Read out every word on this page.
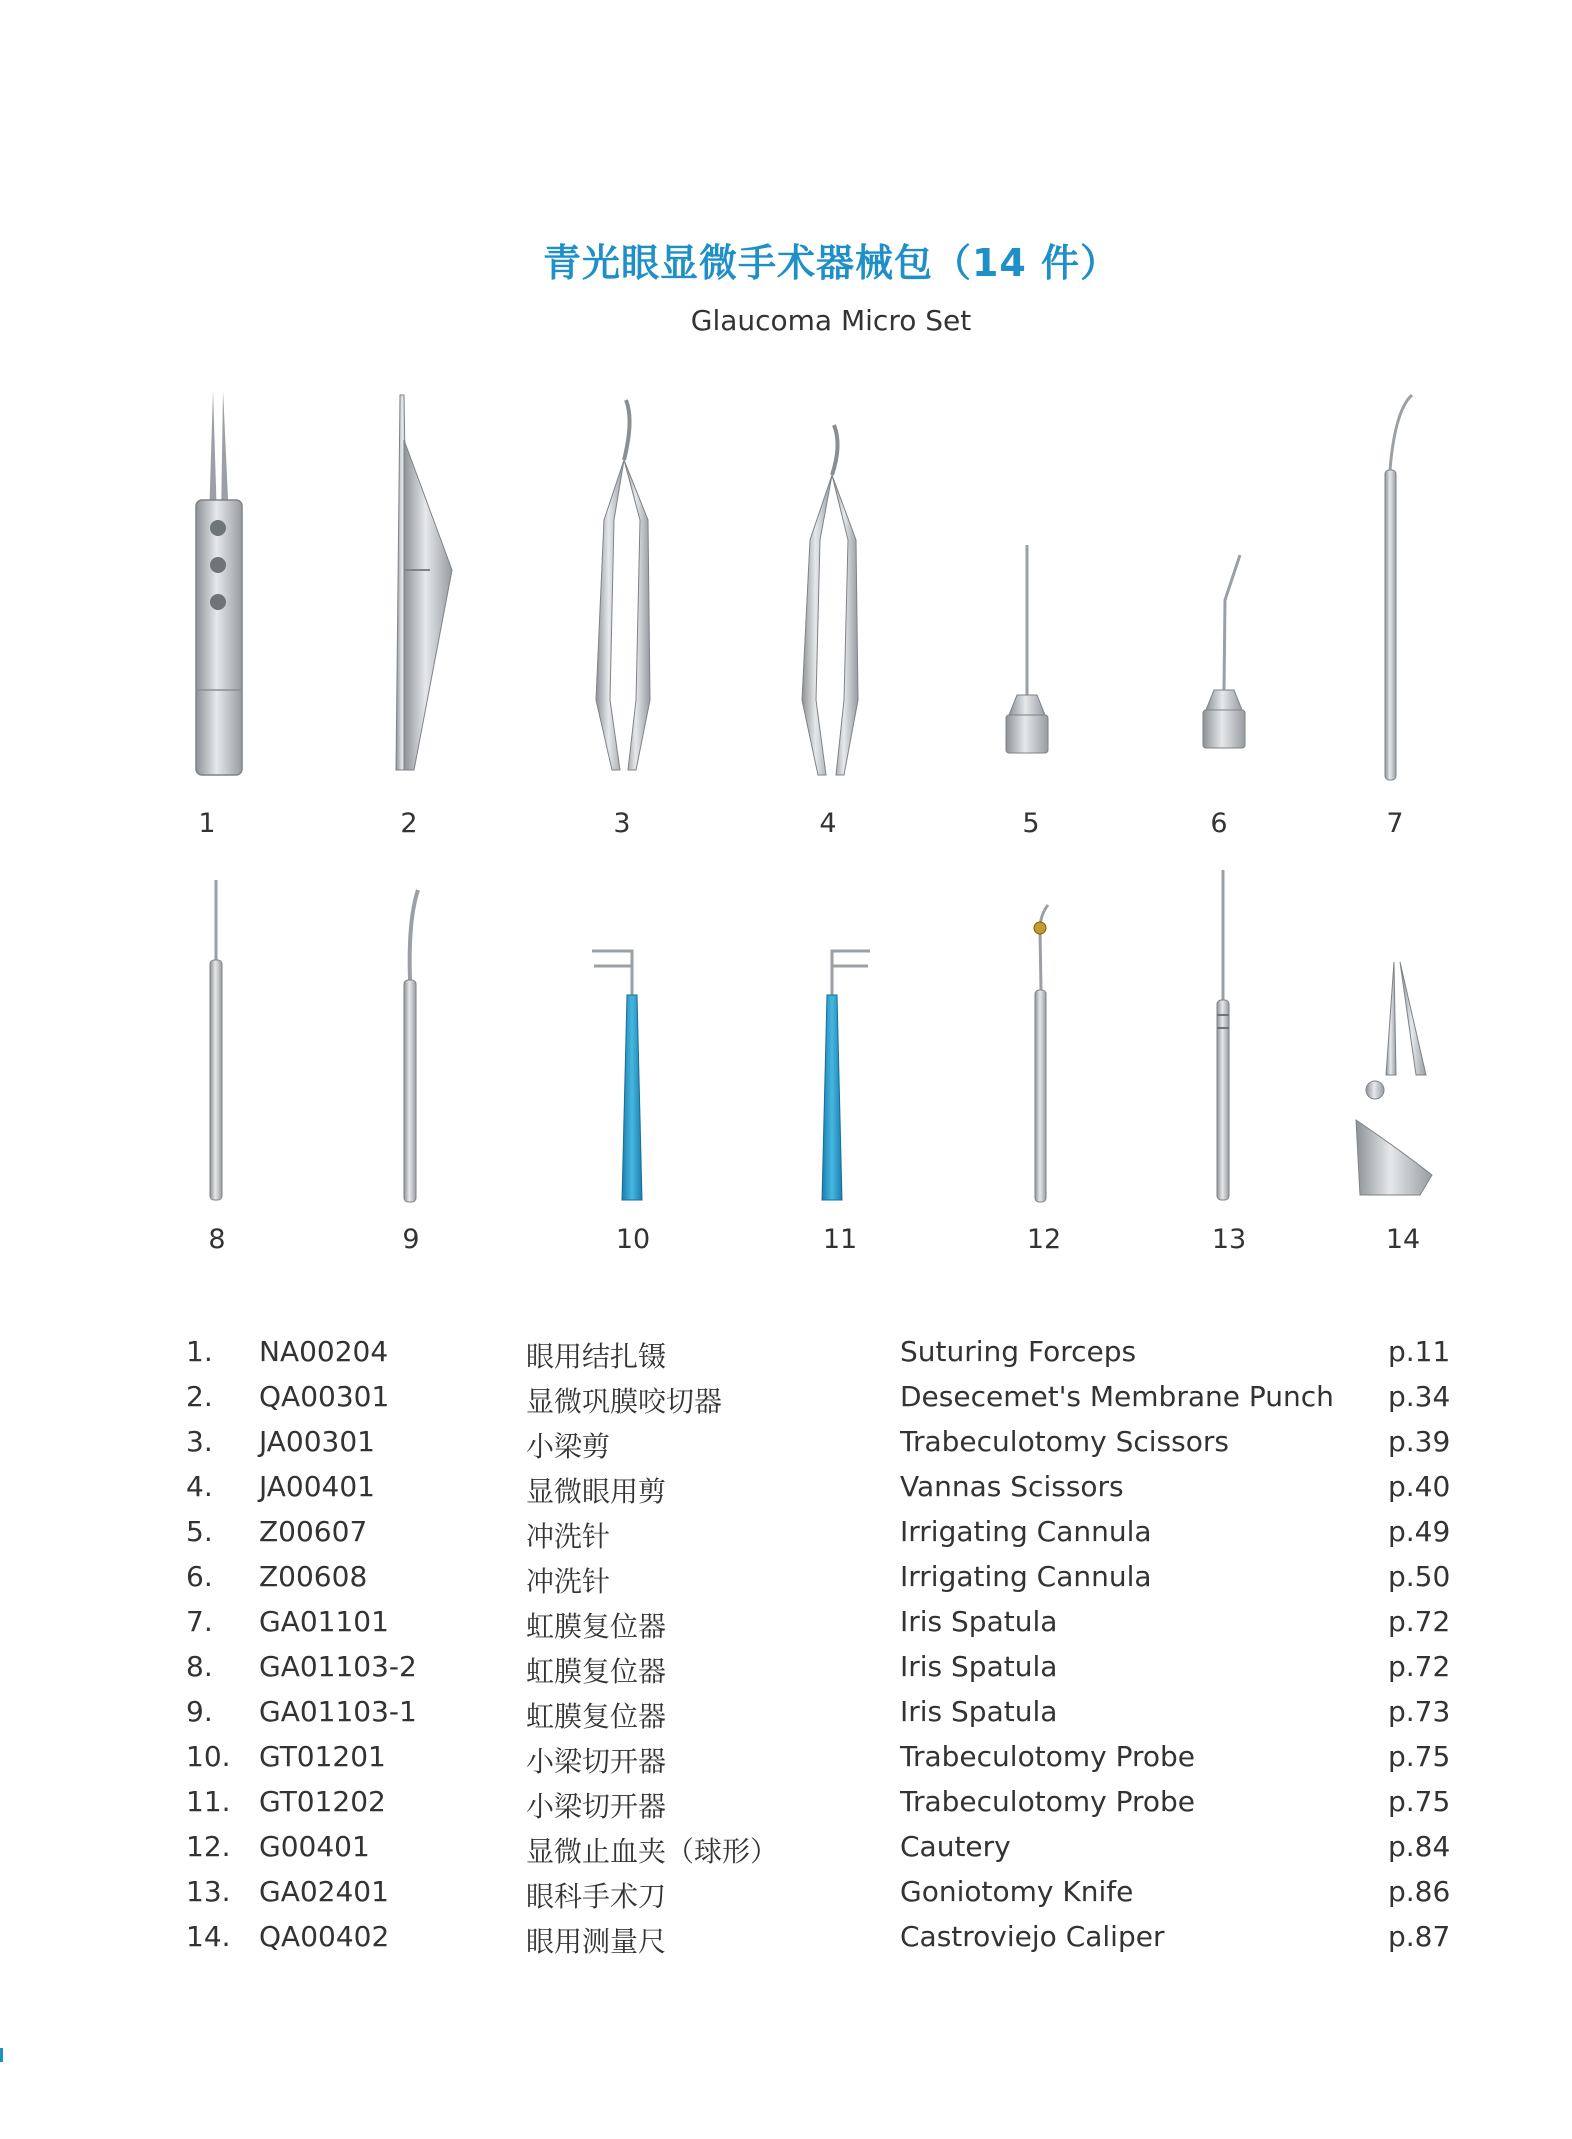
青光眼显微手术器械包（14 件）
Glaucoma Micro Set
1	2	3	4	5	6	7
8	9	10	11	12	13	14
1. NA00204	眼用结扎镊	Suturing Forceps	p.11
2. QA00301	显微巩膜咬切器	Desecemet's Membrane Punch p.34
3. JA00301	小梁剪	Trabeculotomy Scissors	p.39
4. JA00401	显微眼用剪	Vannas Scissors	p.40
5. Z00607	冲洗针	Irrigating Cannula	p.49
6. Z00608	冲洗针	Irrigating Cannula	p.50
7. GA01101	虹膜复位器	Iris Spatula	p.72
8. GA01103-2	虹膜复位器	Iris Spatula	p.72
9. GA01103-1	虹膜复位器	Iris Spatula	p.73
10. GT01201	小梁切开器	Trabeculotomy Probe	p.75
11. GT01202	小梁切开器	Trabeculotomy Probe	p.75
12. G00401	显微止血夹（球形）	Cautery	p.84
13. GA02401	眼科手术刀	Goniotomy Knife	p.86
14. QA00402	眼用测量尺	Castroviejo Caliper	p.87
